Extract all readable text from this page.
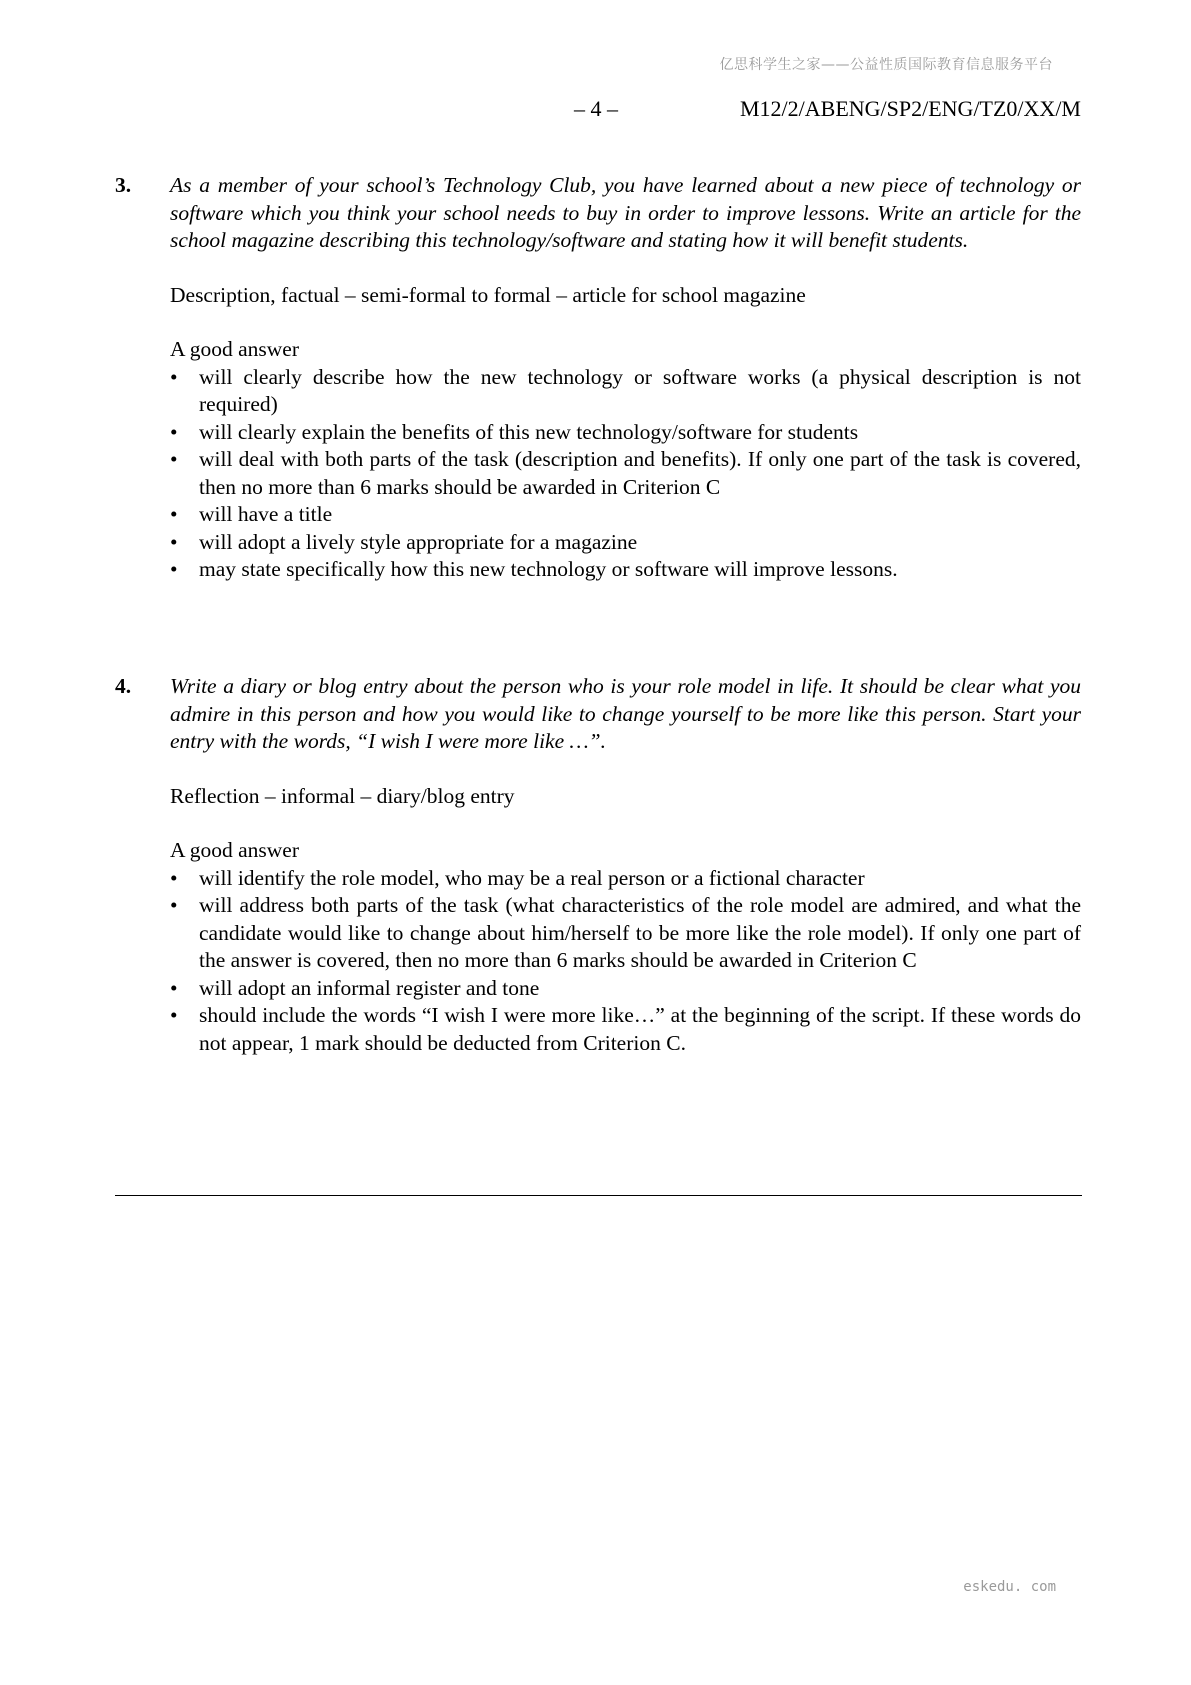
亿思科学生之家——公益性质国际教育信息服务平台
– 4 –	M12/2/ABENG/SP2/ENG/TZ0/XX/M
3. As a member of your school’s Technology Club, you have learned about a new piece of technology or software which you think your school needs to buy in order to improve lessons. Write an article for the school magazine describing this technology/software and stating how it will benefit students.

Description, factual – semi-formal to formal – article for school magazine

A good answer

• will clearly describe how the new technology or software works (a physical description is not required)
• will clearly explain the benefits of this new technology/software for students
• will deal with both parts of the task (description and benefits). If only one part of the task is covered, then no more than 6 marks should be awarded in Criterion C
• will have a title
• will adopt a lively style appropriate for a magazine
• may state specifically how this new technology or software will improve lessons.
4. Write a diary or blog entry about the person who is your role model in life. It should be clear what you admire in this person and how you would like to change yourself to be more like this person. Start your entry with the words, “I wish I were more like …”.

Reflection – informal – diary/blog entry

A good answer

• will identify the role model, who may be a real person or a fictional character
• will address both parts of the task (what characteristics of the role model are admired, and what the candidate would like to change about him/herself to be more like the role model). If only one part of the answer is covered, then no more than 6 marks should be awarded in Criterion C
• will adopt an informal register and tone
• should include the words “I wish I were more like…” at the beginning of the script. If these words do not appear, 1 mark should be deducted from Criterion C.
eskedu. com
